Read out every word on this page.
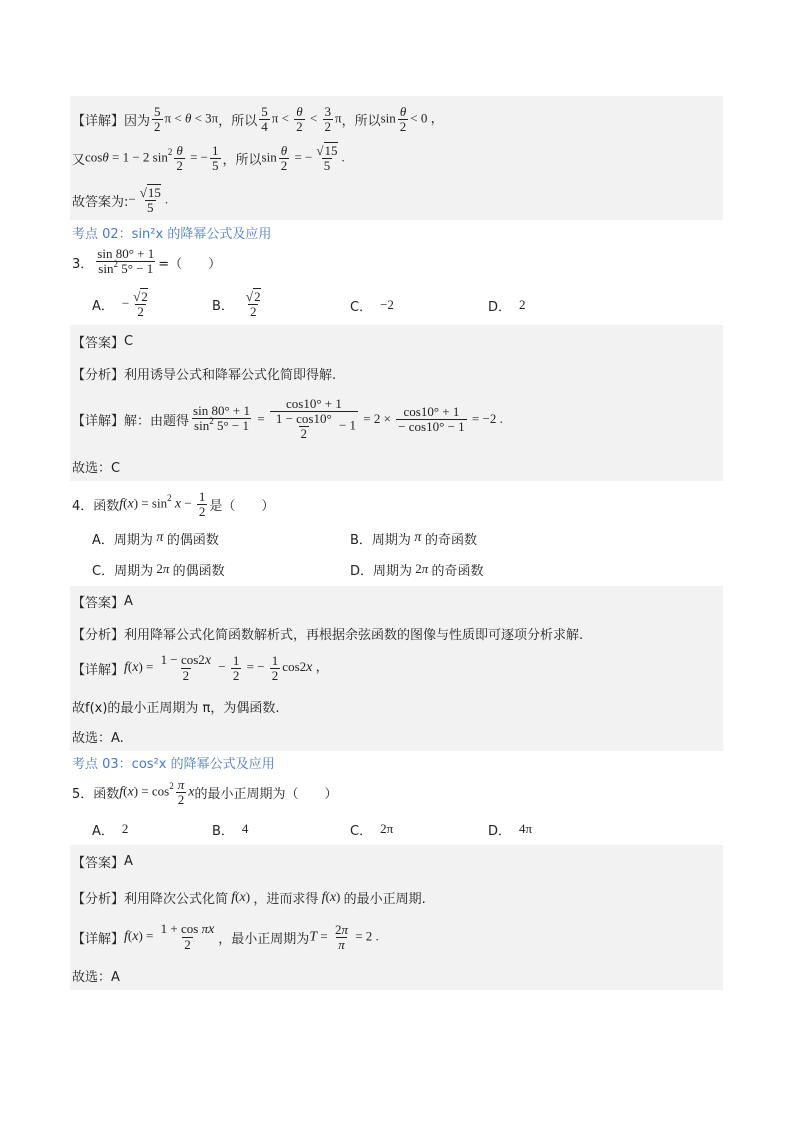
【详解】 因为 $\frac{5}{2}$ π < θ < 3π ，所以 $\frac{5}{4}$ $\pi < \frac{\theta}{2} < \frac{3}{2}$ π ，所以 $\sin \frac{\theta}{2} < 0$ ，
又 cosθ = 1 − 2 $\sin^2 \frac{\theta}{2}$ = − $\frac{1}{5}$ ，所以 $\sin \frac{\theta}{2}$ = − $\frac{√15}{5}$ .
故答案为: − $\frac{√15}{5}$ .
考点 02：sin²x 的降幂公式及应用
3． $\frac{\sin 80^\circ + 1}{\sin^2 5^\circ - 1}$ =（　　）
A． − $\frac{√2}{2}$	B． $\frac{√2}{2}$	C． −2	D． 2
【答案】 C
【分析】 利用诱导公式和降幂公式化简即得解.
【详解】 解：由题得 $\frac{\sin 80^\circ + 1}{\sin^2 5^\circ - 1} = \frac{\cos 10^\circ + 1}{\frac{1 - \cos 10^\circ}{2} - 1} = 2 \times \frac{\cos 10^\circ + 1}{- \cos 10^\circ - 1} = -2$ .
故选：C
4．函数 $f(x) = \sin^2 x - \frac{1}{2}$ 是（　　）
A．周期为 π 的偶函数	B．周期为 π 的奇函数
C．周期为 2π 的偶函数	D．周期为 2π 的奇函数
【答案】 A
【分析】 利用降幂公式化简函数解析式，再根据余弦函数的图像与性质即可逐项分析求解.
【详解】 $f(x) = \frac{1 - \cos 2x}{2} - \frac{1}{2}$ = − $\frac{1}{2} \cos 2x$ ，
故f(x)的最小正周期为 π，为偶函数.
故选：A.
考点 03：cos²x 的降幂公式及应用
5．函数 $f(x) = \cos^2 \frac{\pi}{2}$ x 的最小正周期为（　　）
A． 2	B． 4	C． 2π	D． 4π
【答案】 A
【分析】 利用降次公式化简 f(x) ，进而求得 f(x) 的最小正周期.
【详解】 $f(x) = \frac{\text{1 + cos πx}}{2}$ ，最小正周期为 $T = \frac{2\pi}{\pi} = 2$ .
故选：A
